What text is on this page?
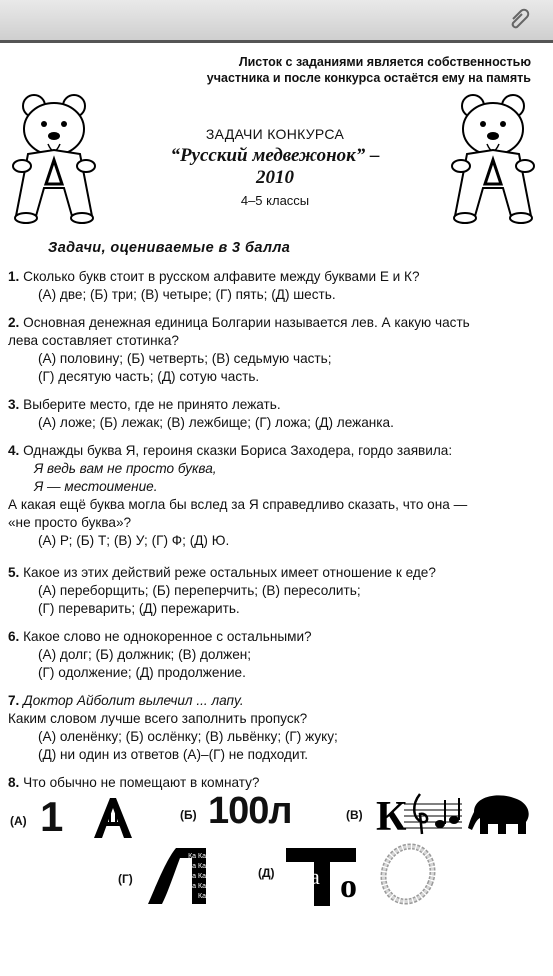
Листок с заданиями является собственностью
участника и после конкурса остаётся ему на память
ЗАДАЧИ КОНКУРСА
“Русский медвежонок” – 2010
4–5 классы
Задачи, оцениваемые в 3 балла
1. Сколько букв стоит в русском алфавите между буквами Е и К?
(А) две; (Б) три; (В) четыре; (Г) пять; (Д) шесть.
2. Основная денежная единица Болгарии называется лев. А какую часть
лева составляет стотинка?
(А) половину; (Б) четверть; (В) седьмую часть;
(Г) десятую часть; (Д) сотую часть.
3. Выберите место, где не принято лежать.
(А) ложе; (Б) лежак; (В) лежбище; (Г) ложа; (Д) лежанка.
4. Однажды буква Я, героиня сказки Бориса Заходера, гордо заявила:
Я ведь вам не просто буква,
Я — местоимение.
А какая ещё буква могла бы вслед за Я справедливо сказать, что она —
«не просто буква»?
(А) Р; (Б) Т; (В) У; (Г) Ф; (Д) Ю.
5. Какое из этих действий реже остальных имеет отношение к еде?
(А) переборщить; (Б) переперчить; (В) пересолить;
(Г) переварить; (Д) пережарить.
6. Какое слово не однокоренное с остальными?
(А) долг; (Б) должник; (В) должен;
(Г) одолжение; (Д) продолжение.
7. Доктор Айболит вылечил ... лапу.
Каким словом лучше всего заполнить пропуск?
(А) оленёнку; (Б) ослёнку; (В) львёнку; (Г) жуку;
(Д) ни один из ответов (А)–(Г) не подходит.
8. Что обычно не помещают в комнату?
(А) 1	(Б) 100л	(В) К
(Г)
Ка Ка
Ка Ка
Ка Ка
Ка Ка
Ка
(Д) а о
